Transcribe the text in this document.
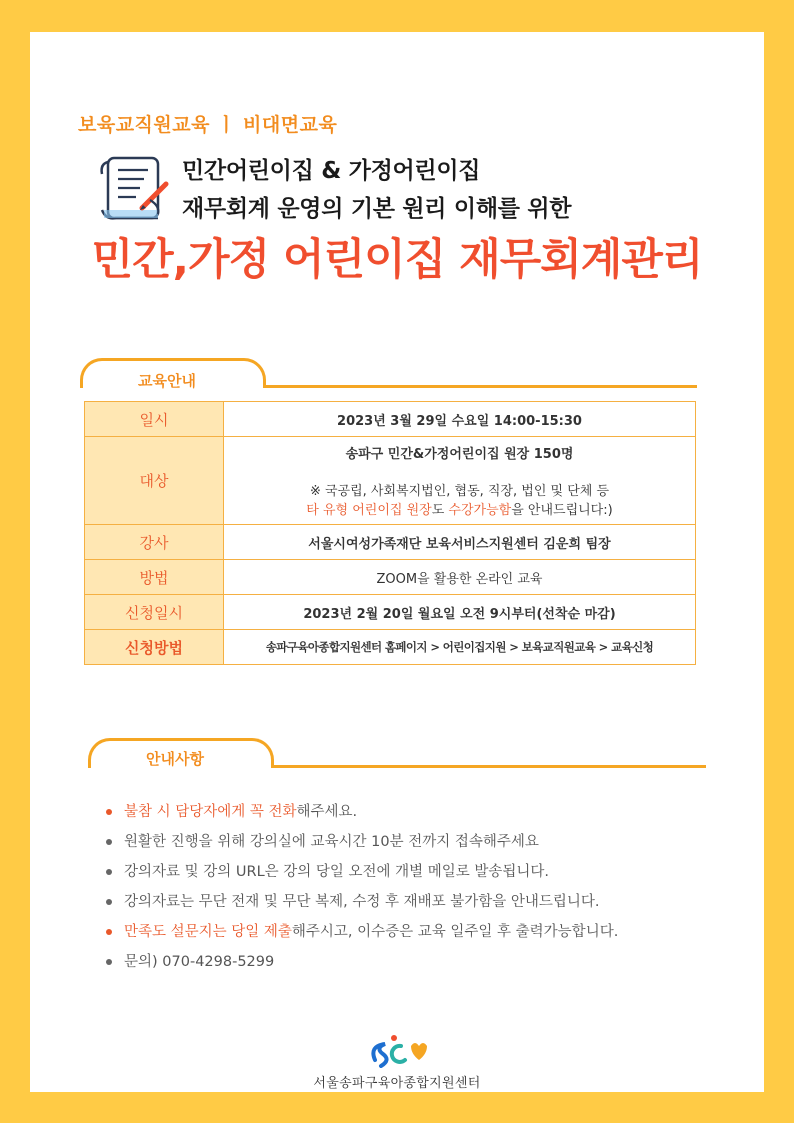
보육교직원교육 ㅣ 비대면교육
민간어린이집 & 가정어린이집
재무회계 운영의 기본 원리 이해를 위한
민간,가정 어린이집 재무회계관리
교육안내
일시	2023년 3월 29일 수요일 14:00-15:30
대상	송파구 민간&가정어린이집 원장 150명
※ 국공립, 사회복지법인, 협동, 직장, 법인 및 단체 등
타 유형 어린이집 원장도 수강가능함을 안내드립니다:)

강사	서울시여성가족재단 보육서비스지원센터 김운희 팀장
방법	ZOOM을 활용한 온라인 교육
신청일시	2023년 2월 20일 월요일 오전 9시부터(선착순 마감)
신청방법	송파구육아종합지원센터 홈페이지 > 어린이집지원 > 보육교직원교육 > 교육신청
안내사항
불참 시 담당자에게 꼭 전화해주세요.
원활한 진행을 위해 강의실에 교육시간 10분 전까지 접속해주세요
강의자료 및 강의 URL은 강의 당일 오전에 개별 메일로 발송됩니다.
강의자료는 무단 전재 및 무단 복제, 수정 후 재배포 불가함을 안내드립니다.
만족도 설문지는 당일 제출해주시고, 이수증은 교육 일주일 후 출력가능합니다.
문의) 070-4298-5299
서울송파구육아종합지원센터
